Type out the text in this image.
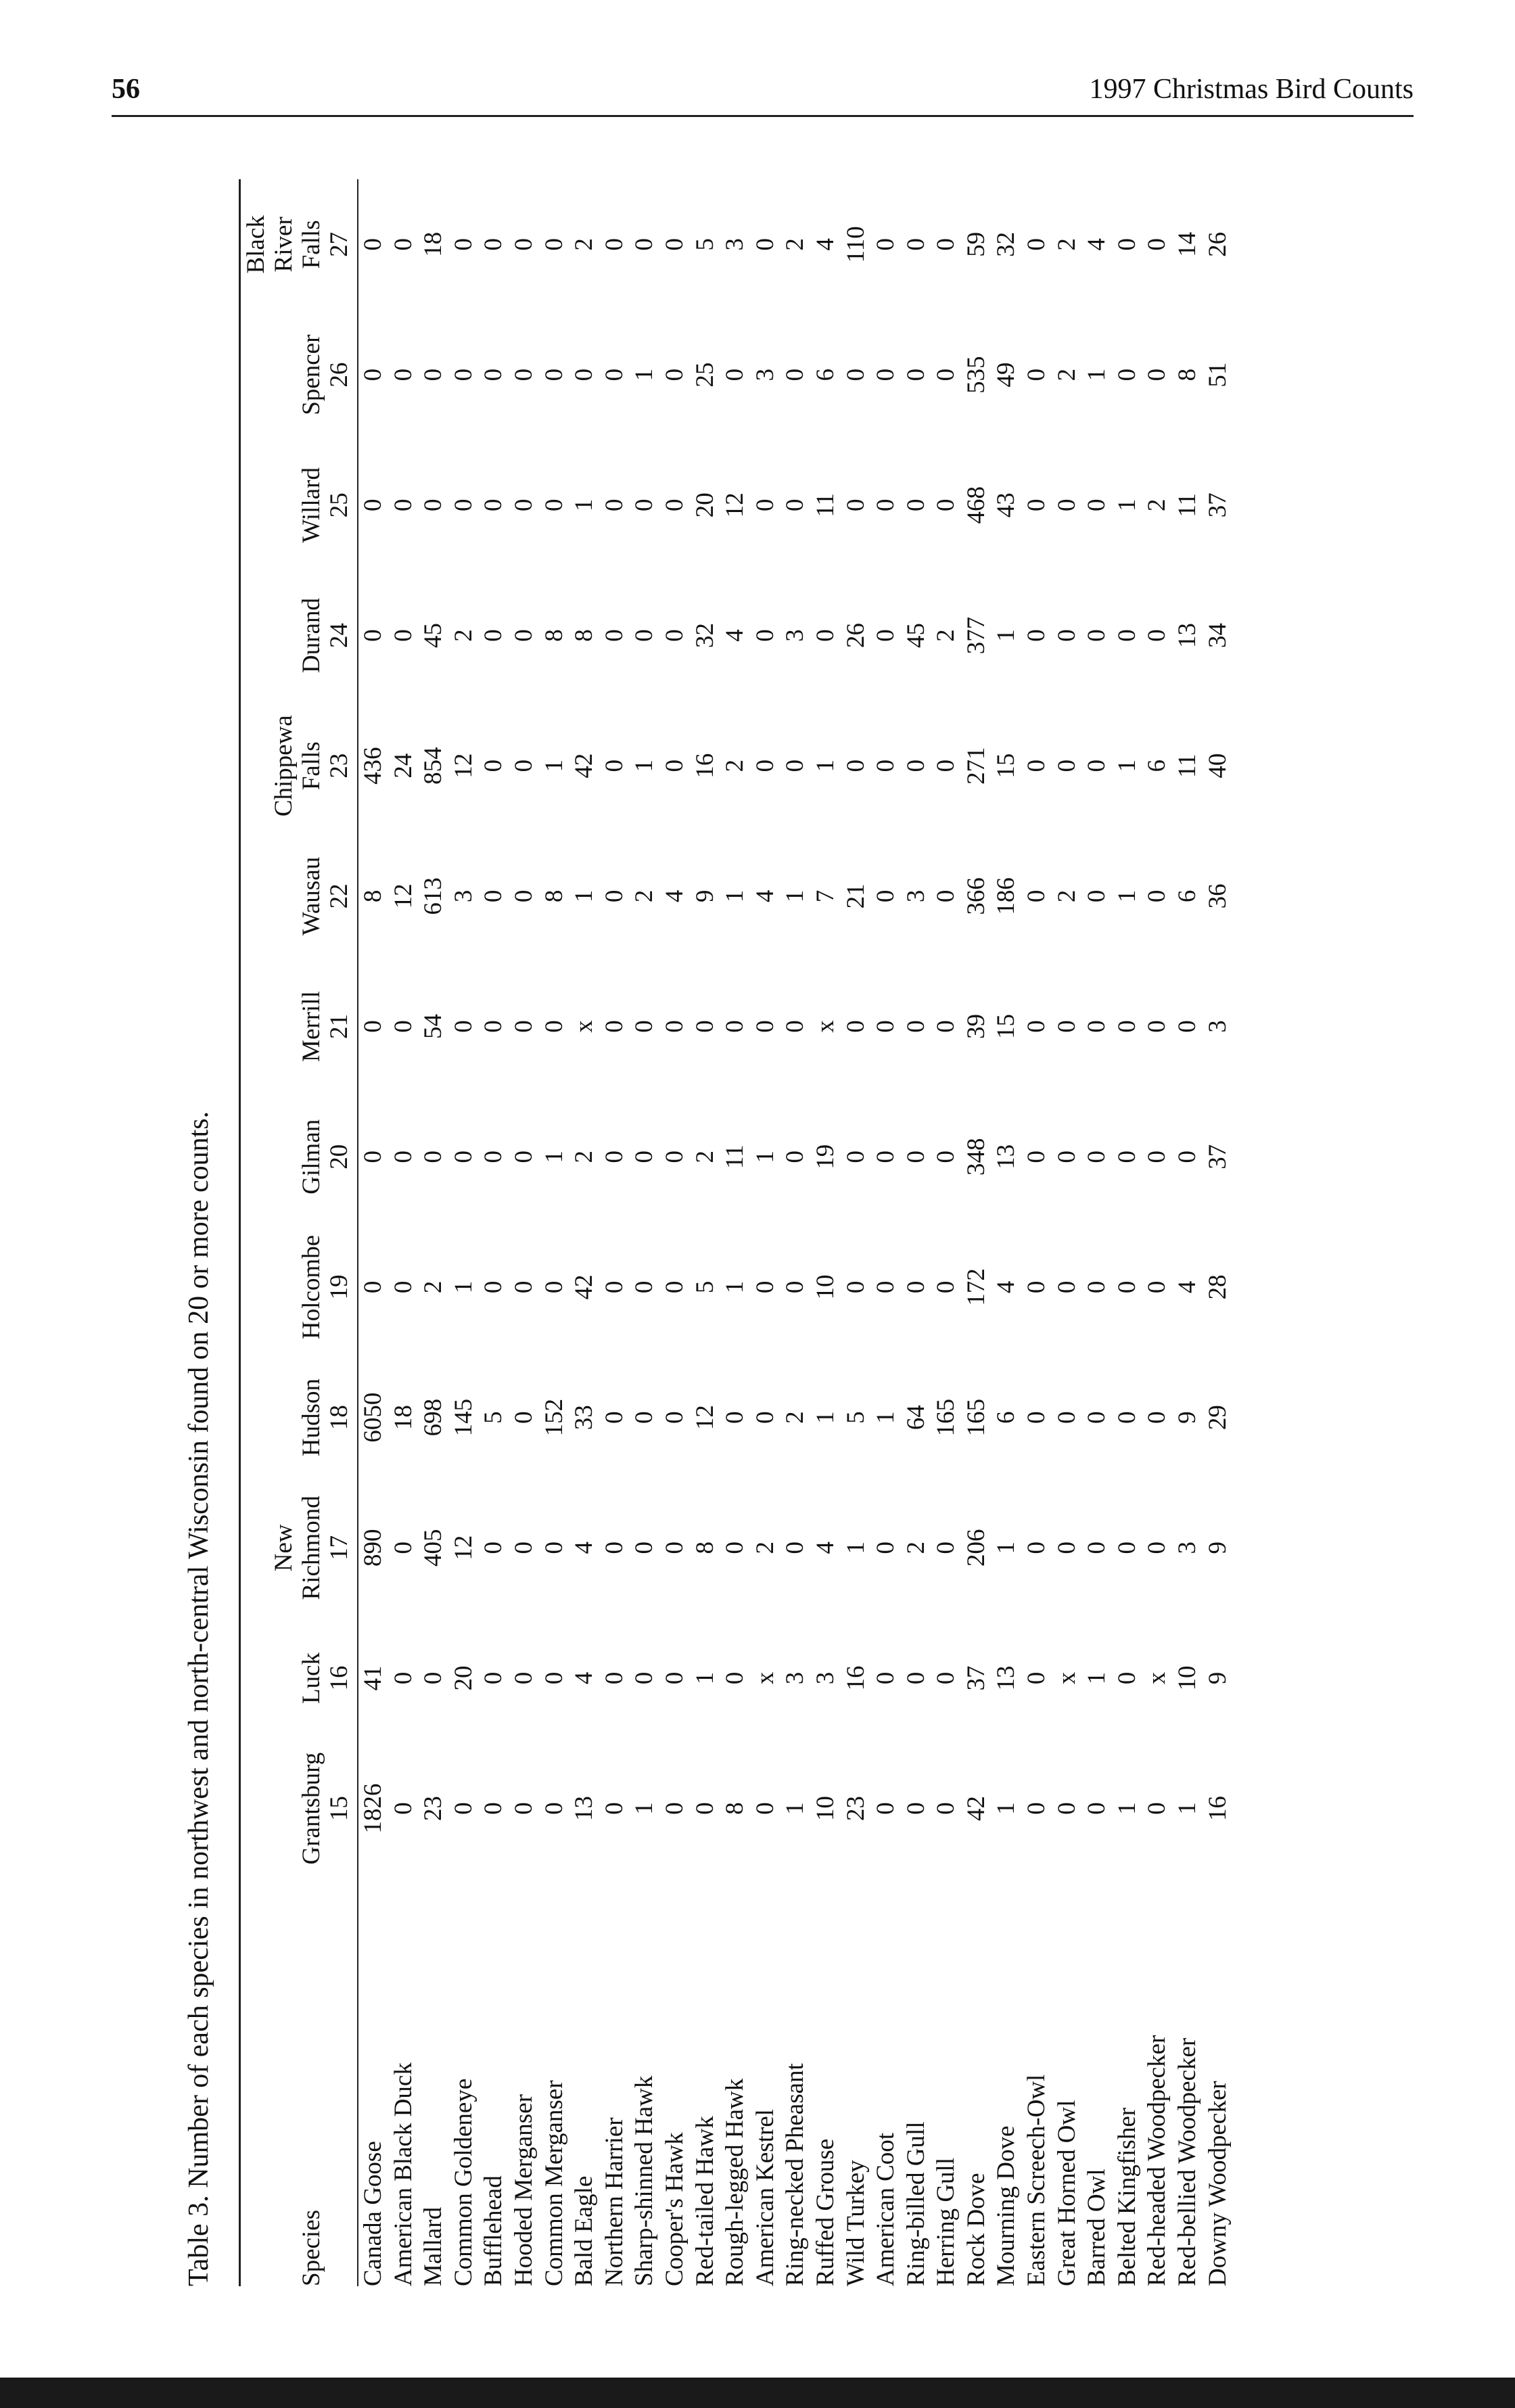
56	1997 Christmas Bird Counts
Table 3. Number of each species in northwest and north-central Wisconsin found on 20 or more counts.	Species	Grantsburg 15	Luck 16	New Richmond 17	Hudson 18	Holcombe 19	Gilman 20	Merrill 21	Wausau 22	Chippewa Falls 23	Durand 24	Willard 25	Spencer 26	Black River Falls 27

Canada Goose	1826	41	890	6050	0	0	0	8	436	0	0	0	0
American Black Duck	0	0	0	18	0	0	0	12	24	0	0	0	0
Mallard	23	0	405	698	2	0	54	613	854	45	0	0	18
Common Goldeneye	0	20	12	145	1	0	0	3	12	2	0	0	0
Bufflehead	0	0	0	5	0	0	0	0	0	0	0	0	0
Hooded Merganser	0	0	0	0	0	0	0	0	0	0	0	0	0
Common Merganser	0	0	0	152	0	1	0	8	1	8	0	0	0
Bald Eagle	13	4	4	33	42	2	x	1	42	8	1	0	2
Northern Harrier	0	0	0	0	0	0	0	0	0	0	0	0	0
Sharp-shinned Hawk	1	0	0	0	0	0	0	2	1	0	0	1	0
Cooper's Hawk	0	0	0	0	0	0	0	4	0	0	0	0	0
Red-tailed Hawk	0	1	8	12	5	2	0	9	16	32	20	25	5
Rough-legged Hawk	8	0	0	0	1	11	0	1	2	4	12	0	3
American Kestrel	0	x	2	0	0	1	0	4	0	0	0	3	0
Ring-necked Pheasant	1	3	0	2	0	0	0	1	0	3	0	0	2
Ruffed Grouse	10	3	4	1	10	19	x	7	1	0	11	6	4
Wild Turkey	23	16	1	5	0	0	0	21	0	26	0	0	110
American Coot	0	0	0	1	0	0	0	0	0	0	0	0	0
Ring-billed Gull	0	0	2	64	0	0	0	3	0	45	0	0	0
Herring Gull	0	0	0	165	0	0	0	0	0	2	0	0	0
Rock Dove	42	37	206	165	172	348	39	366	271	377	468	535	59
Mourning Dove	1	13	1	6	4	13	15	186	15	1	43	49	32
Eastern Screech-Owl	0	0	0	0	0	0	0	0	0	0	0	0	0
Great Horned Owl	0	x	0	0	0	0	0	2	0	0	0	2	2
Barred Owl	0	1	0	0	0	0	0	0	0	0	0	1	4
Belted Kingfisher	1	0	0	0	0	0	0	1	1	0	1	0	0
Red-headed Woodpecker	0	x	0	0	0	0	0	0	6	0	2	0	0
Red-bellied Woodpecker	1	10	3	9	4	0	0	6	11	13	11	8	14
Downy Woodpecker	16	9	9	29	28	37	3	36	40	34	37	51	26
